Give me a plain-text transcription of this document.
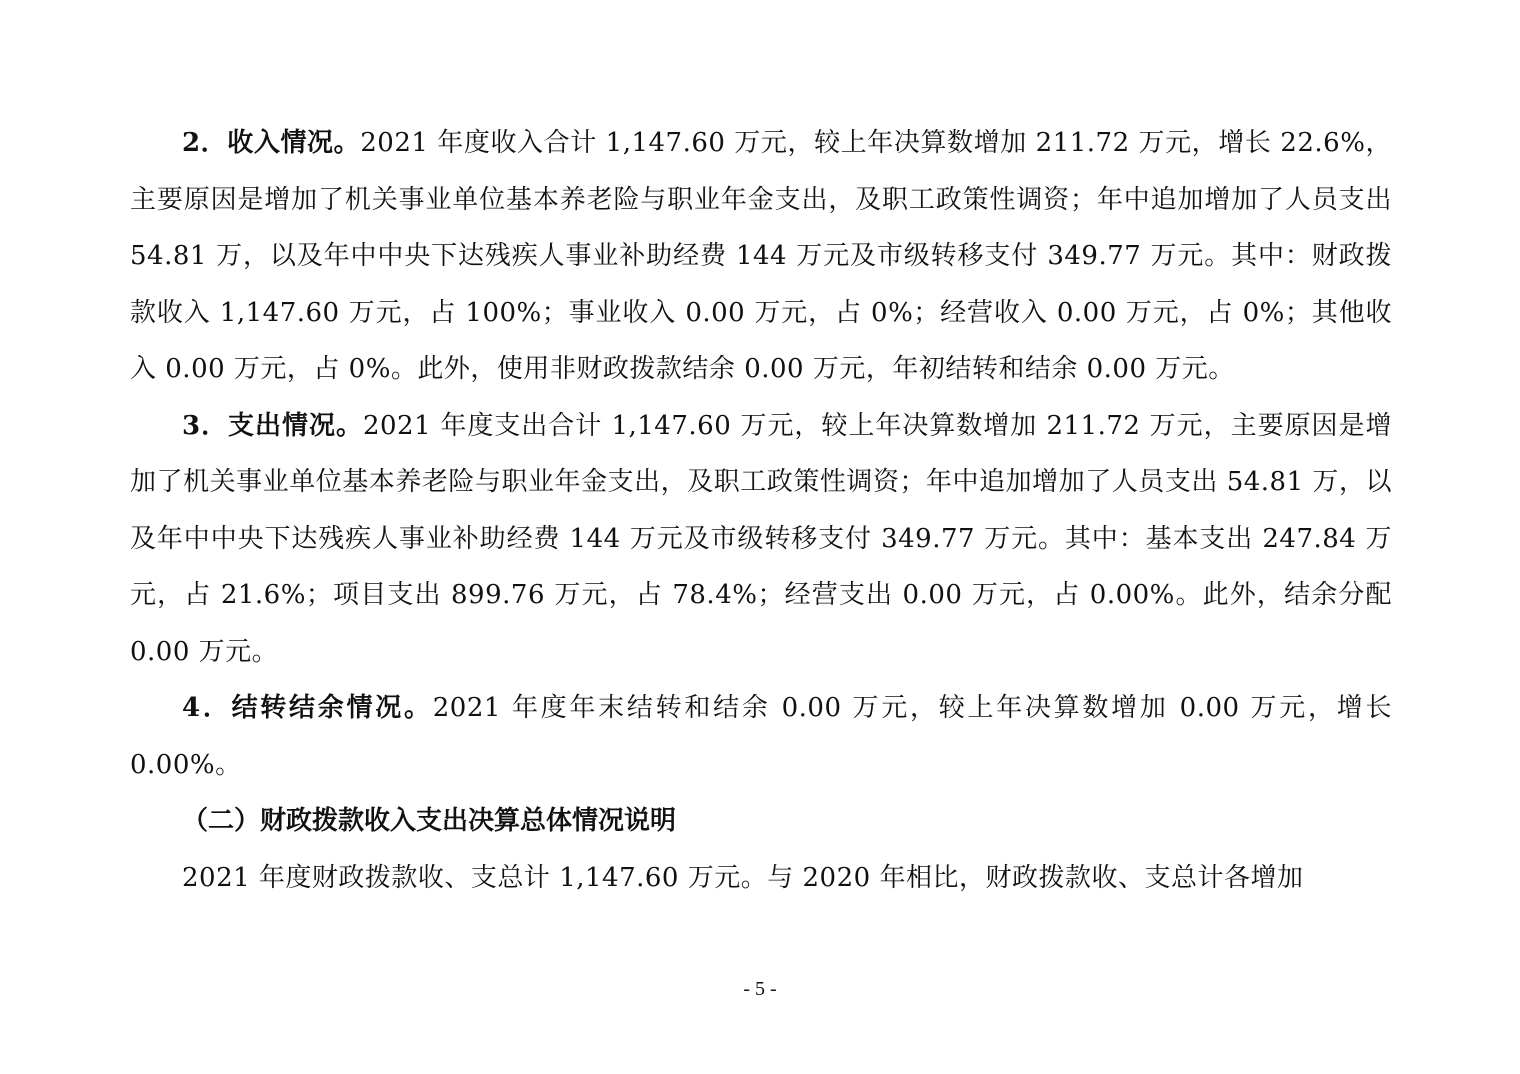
2．收入情况。2021 年度收入合计 1,147.60 万元，较上年决算数增加 211.72 万元，增长 22.6%，主要原因是增加了机关事业单位基本养老险与职业年金支出，及职工政策性调资；年中追加增加了人员支出 54.81 万，以及年中中央下达残疾人事业补助经费 144 万元及市级转移支付 349.77 万元。其中：财政拨款收入 1,147.60 万元，占 100%；事业收入 0.00 万元，占 0%；经营收入 0.00 万元，占 0%；其他收入 0.00 万元，占 0%。此外，使用非财政拨款结余 0.00 万元，年初结转和结余 0.00 万元。

3．支出情况。2021 年度支出合计 1,147.60 万元，较上年决算数增加 211.72 万元，主要原因是增加了机关事业单位基本养老险与职业年金支出，及职工政策性调资；年中追加增加了人员支出 54.81 万，以及年中中央下达残疾人事业补助经费 144 万元及市级转移支付 349.77 万元。其中：基本支出 247.84 万元，占 21.6%；项目支出 899.76 万元，占 78.4%；经营支出 0.00 万元，占 0.00%。此外，结余分配 0.00 万元。

4．结转结余情况。2021 年度年末结转和结余 0.00 万元，较上年决算数增加 0.00 万元，增长 0.00%。

（二）财政拨款收入支出决算总体情况说明

2021 年度财政拨款收、支总计 1,147.60 万元。与 2020 年相比，财政拨款收、支总计各增加

- 5 -
